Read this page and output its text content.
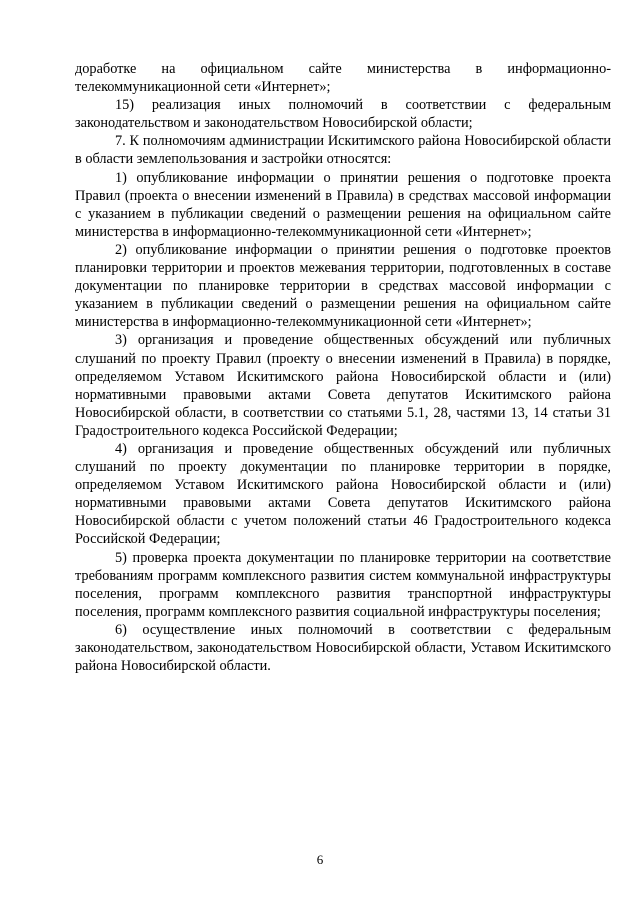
доработке на официальном сайте министерства в информационно-телекоммуникационной сети «Интернет»;

15) реализация иных полномочий в соответствии с федеральным законодательством и законодательством Новосибирской области;

7. К полномочиям администрации Искитимского района Новосибирской области в области землепользования и застройки относятся:

1) опубликование информации о принятии решения о подготовке проекта Правил (проекта о внесении изменений в Правила) в средствах массовой информации с указанием в публикации сведений о размещении решения на официальном сайте министерства в информационно-телекоммуникационной сети «Интернет»;

2) опубликование информации о принятии решения о подготовке проектов планировки территории и проектов межевания территории, подготовленных в составе документации по планировке территории в средствах массовой информации с указанием в публикации сведений о размещении решения на официальном сайте министерства в информационно-телекоммуникационной сети «Интернет»;

3) организация и проведение общественных обсуждений или публичных слушаний по проекту Правил (проекту о внесении изменений в Правила) в порядке, определяемом Уставом Искитимского района Новосибирской области и (или) нормативными правовыми актами Совета депутатов Искитимского района Новосибирской области, в соответствии со статьями 5.1, 28, частями 13, 14 статьи 31 Градостроительного кодекса Российской Федерации;

4) организация и проведение общественных обсуждений или публичных слушаний по проекту документации по планировке территории в порядке, определяемом Уставом Искитимского района Новосибирской области и (или) нормативными правовыми актами Совета депутатов Искитимского района Новосибирской области с учетом положений статьи 46 Градостроительного кодекса Российской Федерации;

5) проверка проекта документации по планировке территории на соответствие требованиям программ комплексного развития систем коммунальной инфраструктуры поселения, программ комплексного развития транспортной инфраструктуры поселения, программ комплексного развития социальной инфраструктуры поселения;

6) осуществление иных полномочий в соответствии с федеральным законодательством, законодательством Новосибирской области, Уставом Искитимского района Новосибирской области.

6
